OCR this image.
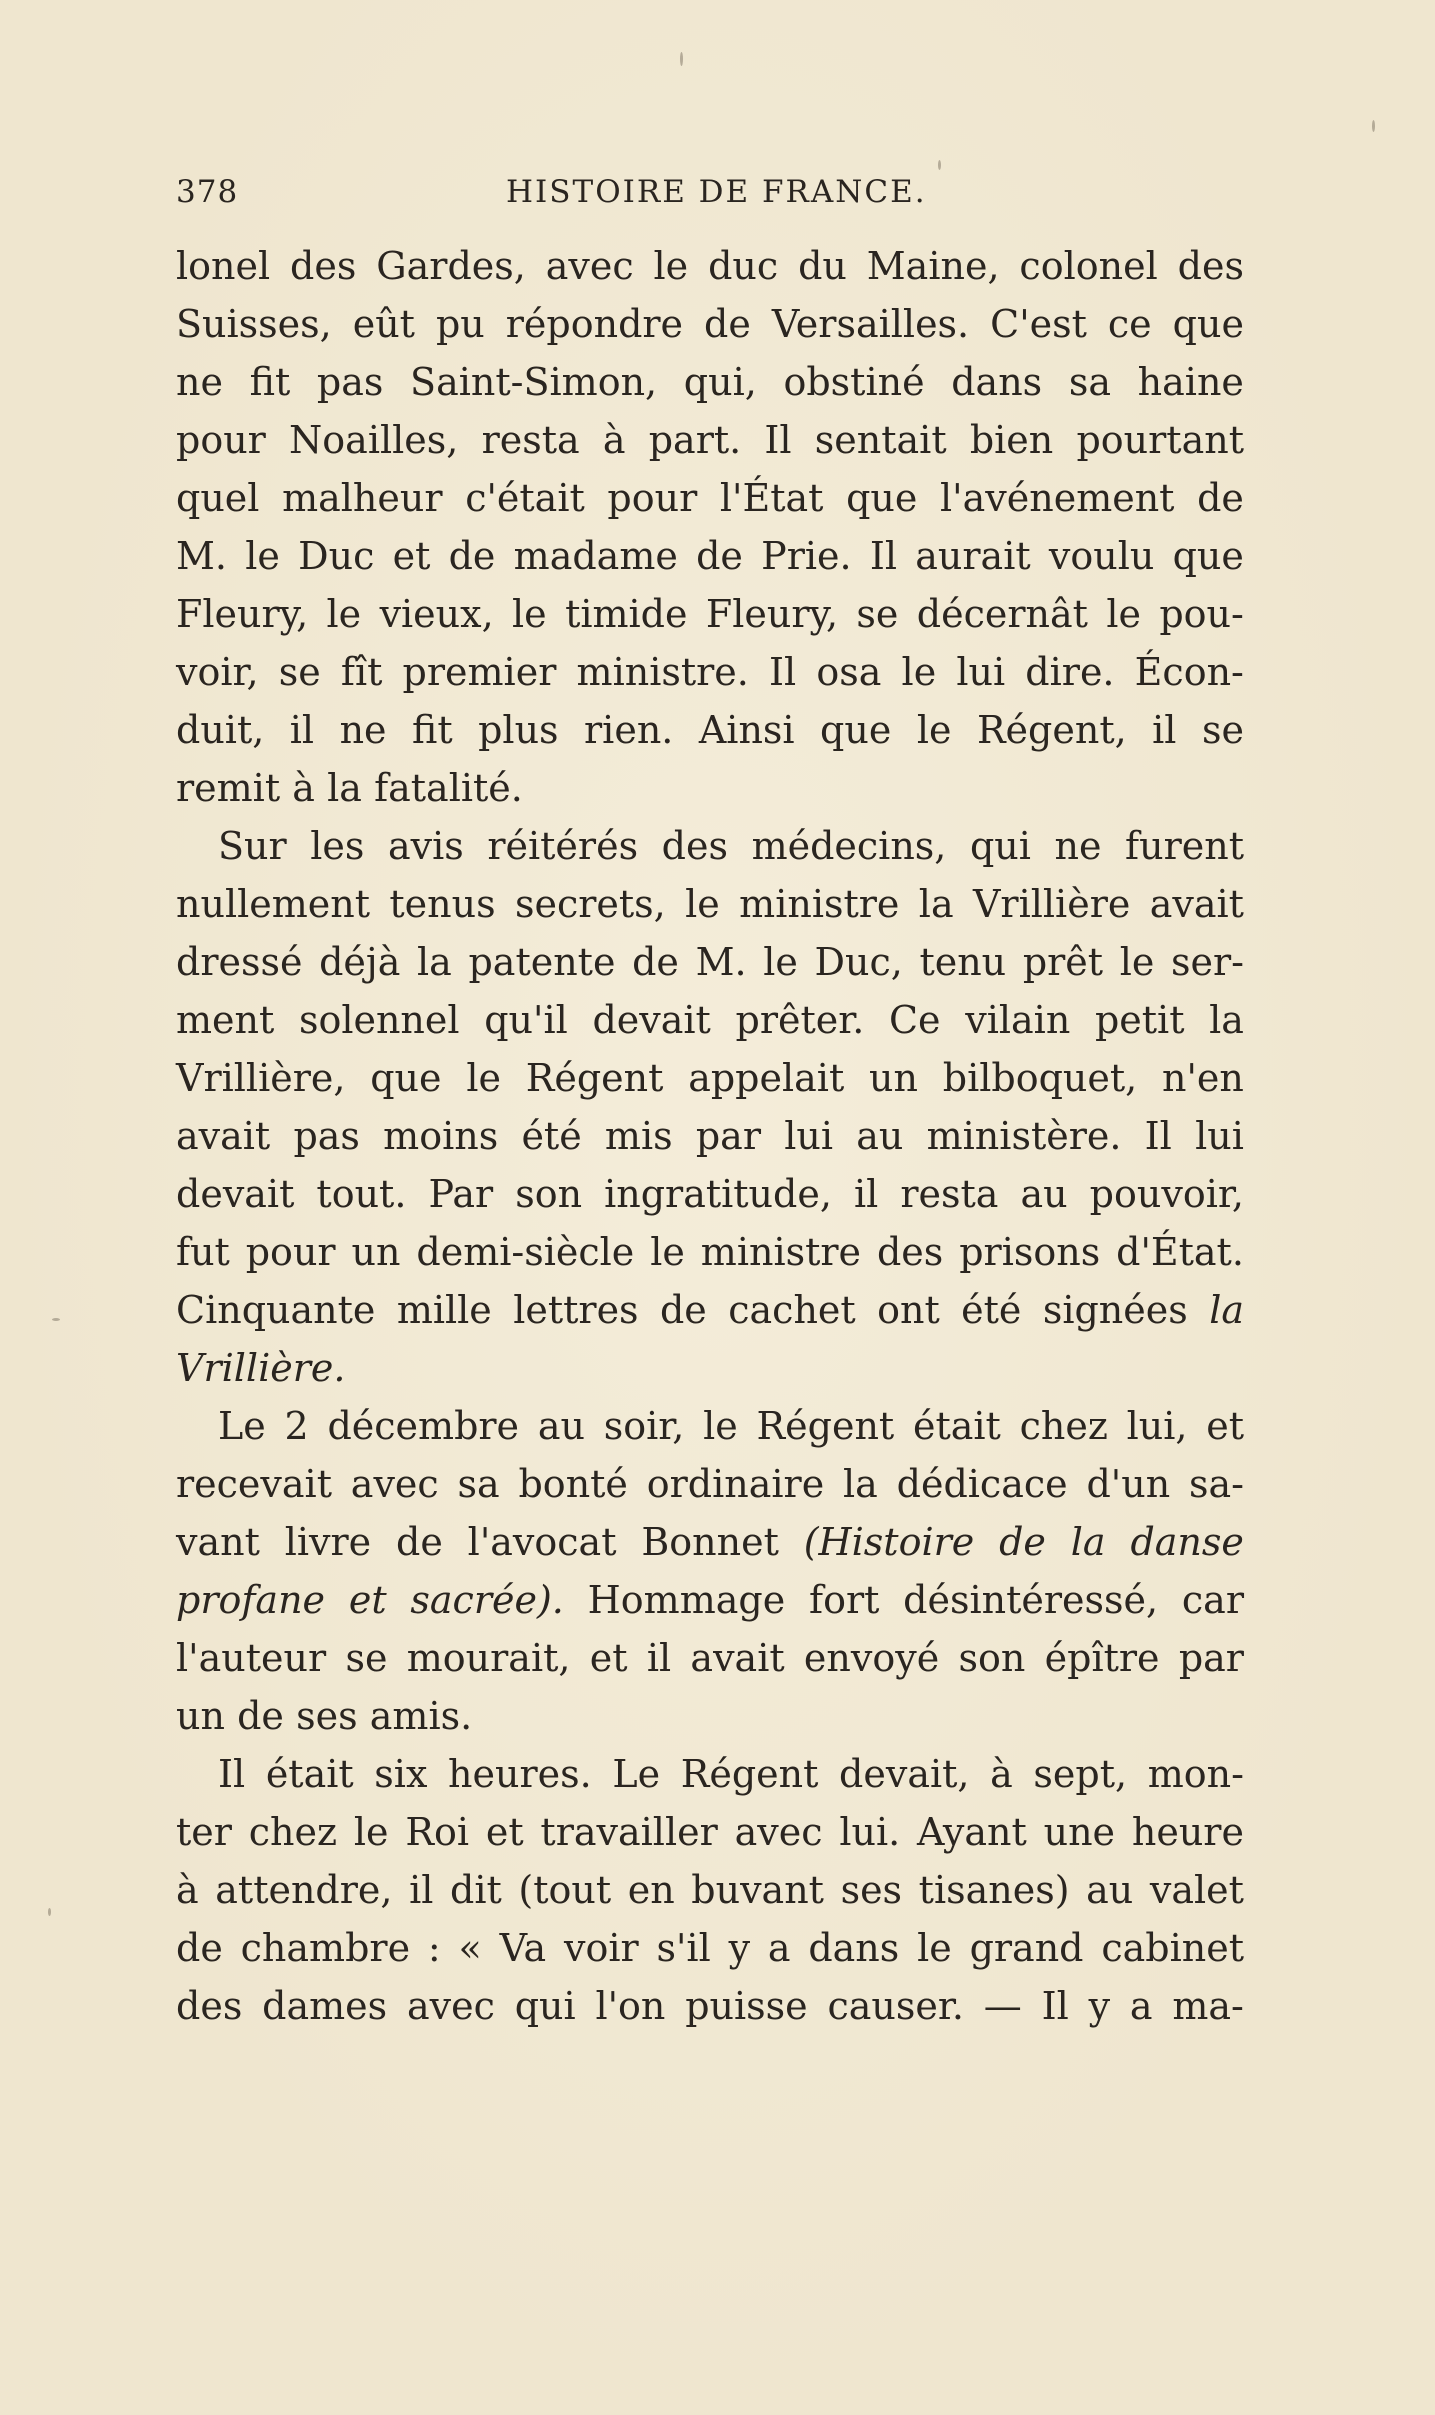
378	HISTOIRE DE FRANCE.
lonel des Gardes, avec le duc du Maine, colonel des
Suisses, eût pu répondre de Versailles. C'est ce que
ne fit pas Saint-Simon, qui, obstiné dans sa haine
pour Noailles, resta à part. Il sentait bien pourtant
quel malheur c'était pour l'État que l'avénement de
M. le Duc et de madame de Prie. Il aurait voulu que
Fleury, le vieux, le timide Fleury, se décernât le pou-
voir, se fît premier ministre. Il osa le lui dire. Écon-
duit, il ne fit plus rien. Ainsi que le Régent, il se
remit à la fatalité.
Sur les avis réitérés des médecins, qui ne furent
nullement tenus secrets, le ministre la Vrillière avait
dressé déjà la patente de M. le Duc, tenu prêt le ser-
ment solennel qu'il devait prêter. Ce vilain petit la
Vrillière, que le Régent appelait un bilboquet, n'en
avait pas moins été mis par lui au ministère. Il lui
devait tout. Par son ingratitude, il resta au pouvoir,
fut pour un demi-siècle le ministre des prisons d'État.
Cinquante mille lettres de cachet ont été signées la
Vrillière.
Le 2 décembre au soir, le Régent était chez lui, et
recevait avec sa bonté ordinaire la dédicace d'un sa-
vant livre de l'avocat Bonnet (Histoire de la danse
profane et sacrée). Hommage fort désintéressé, car
l'auteur se mourait, et il avait envoyé son épître par
un de ses amis.
Il était six heures. Le Régent devait, à sept, mon-
ter chez le Roi et travailler avec lui. Ayant une heure
à attendre, il dit (tout en buvant ses tisanes) au valet
de chambre : « Va voir s'il y a dans le grand cabinet
des dames avec qui l'on puisse causer. — Il y a ma-
